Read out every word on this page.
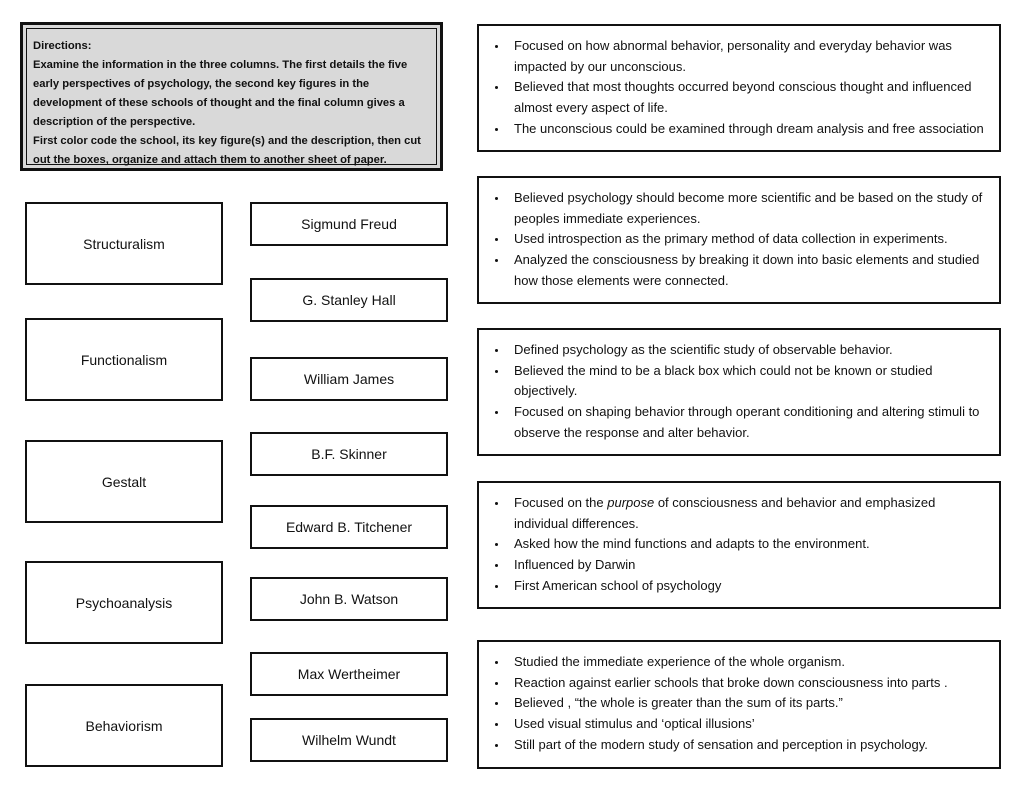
Directions:

Examine the information in the three columns. The first details the five early perspectives of psychology, the second key figures in the development of these schools of thought and the final column gives a description of the perspective.

First color code the school, its key figure(s) and the description, then cut out the boxes, organize and attach them to another sheet of paper.

Structuralism
Functionalism
Gestalt
Psychoanalysis
Behaviorism
Sigmund Freud
G. Stanley Hall
William James
B.F. Skinner
Edward B. Titchener
John B. Watson
Max Wertheimer
Wilhelm Wundt
• Focused on how abnormal behavior, personality and everyday behavior was impacted by our unconscious.
• Believed that most thoughts occurred beyond conscious thought and influenced almost every aspect of life.
• The unconscious could be examined through dream analysis and free association
• Believed psychology should become more scientific and be based on the study of peoples immediate experiences.
• Used introspection as the primary method of data collection in experiments.
• Analyzed the consciousness by breaking it down into basic elements and studied how those elements were connected.
• Defined psychology as the scientific study of observable behavior.
• Believed the mind to be a black box which could not be known or studied objectively.
• Focused on shaping behavior through operant conditioning and altering stimuli to observe the response and alter behavior.
• Focused on the purpose of consciousness and behavior and emphasized individual differences.
• Asked how the mind functions and adapts to the environment.
• Influenced by Darwin
• First American school of psychology
• Studied the immediate experience of the whole organism.
• Reaction against earlier schools that broke down consciousness into parts .
• Believed , “the whole is greater than the sum of its parts.”
• Used visual stimulus and ‘optical illusions’
• Still part of the modern study of sensation and perception in psychology.
